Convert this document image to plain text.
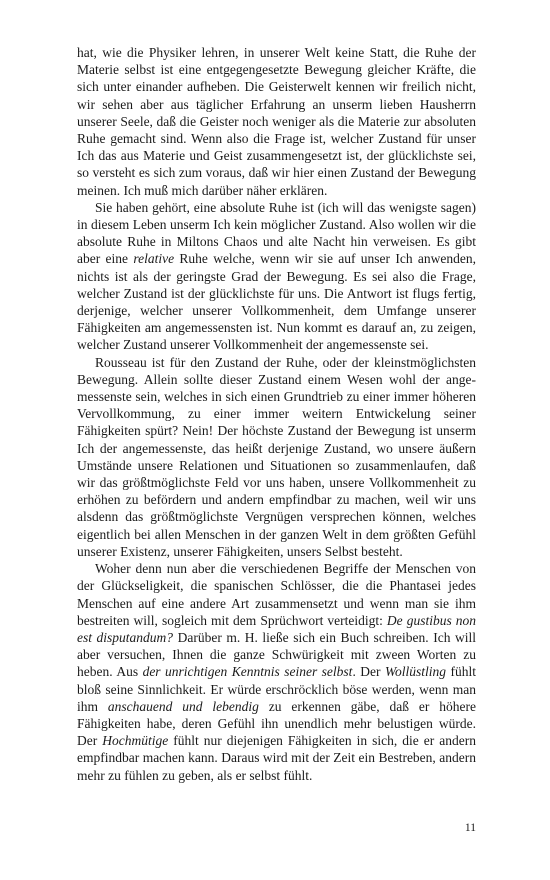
hat, wie die Physiker lehren, in unserer Welt keine Statt, die Ruhe der Materie selbst ist eine entgegengesetzte Bewegung gleicher Kräfte, die sich unter einander aufheben. Die Geisterwelt kennen wir freilich nicht, wir sehen aber aus täglicher Erfahrung an unserm lieben Hausherrn unserer Seele, daß die Geister noch weniger als die Materie zur absoluten Ruhe gemacht sind. Wenn also die Frage ist, welcher Zustand für unser Ich das aus Materie und Geist zusammengesetzt ist, der glücklichste sei, so versteht es sich zum voraus, daß wir hier einen Zustand der Bewegung meinen. Ich muß mich darüber näher erklären.

Sie haben gehört, eine absolute Ruhe ist (ich will das wenigste sagen) in diesem Leben unserm Ich kein möglicher Zustand. Also wollen wir die absolute Ruhe in Miltons Chaos und alte Nacht hin verweisen. Es gibt aber eine relative Ruhe welche, wenn wir sie auf unser Ich anwenden, nichts ist als der geringste Grad der Bewegung. Es sei also die Frage, welcher Zustand ist der glücklichste für uns. Die Antwort ist flugs fertig, derjenige, welcher unserer Vollkommenheit, dem Umfange unserer Fähigkeiten am angemessensten ist. Nun kommt es darauf an, zu zeigen, welcher Zustand unserer Vollkommenheit der angemessenste sei.

Rousseau ist für den Zustand der Ruhe, oder der kleinstmöglichsten Bewegung. Allein sollte dieser Zustand einem Wesen wohl der angemessenste sein, welches in sich einen Grundtrieb zu einer immer höheren Vervollkommung, zu einer immer weitern Entwickelung seiner Fähigkeiten spürt? Nein! Der höchste Zustand der Bewegung ist unserm Ich der angemessenste, das heißt derjenige Zustand, wo unsere äußern Umstände unsere Relationen und Situationen so zusammenlaufen, daß wir das größtmöglichste Feld vor uns haben, unsere Vollkommenheit zu erhöhen zu befördern und andern empfindbar zu machen, weil wir uns alsdenn das größtmöglichste Vergnügen versprechen können, welches eigentlich bei allen Menschen in der ganzen Welt in dem größten Gefühl unserer Existenz, unserer Fähigkeiten, unsers Selbst besteht.

Woher denn nun aber die verschiedenen Begriffe der Menschen von der Glückseligkeit, die spanischen Schlösser, die die Phantasei jedes Menschen auf eine andere Art zusammensetzt und wenn man sie ihm bestreiten will, sogleich mit dem Sprüchwort verteidigt: De gustibus non est disputandum? Darüber m. H. ließe sich ein Buch schreiben. Ich will aber versuchen, Ihnen die ganze Schwürigkeit mit zween Worten zu heben. Aus der unrichtigen Kenntnis seiner selbst. Der Wollüstling fühlt bloß seine Sinnlichkeit. Er würde erschröcklich böse werden, wenn man ihm anschauend und lebendig zu erkennen gäbe, daß er höhere Fähigkeiten habe, deren Gefühl ihn unendlich mehr belustigen würde. Der Hochmütige fühlt nur diejenigen Fähigkeiten in sich, die er andern empfindbar machen kann. Daraus wird mit der Zeit ein Bestreben, andern mehr zu fühlen zu geben, als er selbst fühlt.

11
